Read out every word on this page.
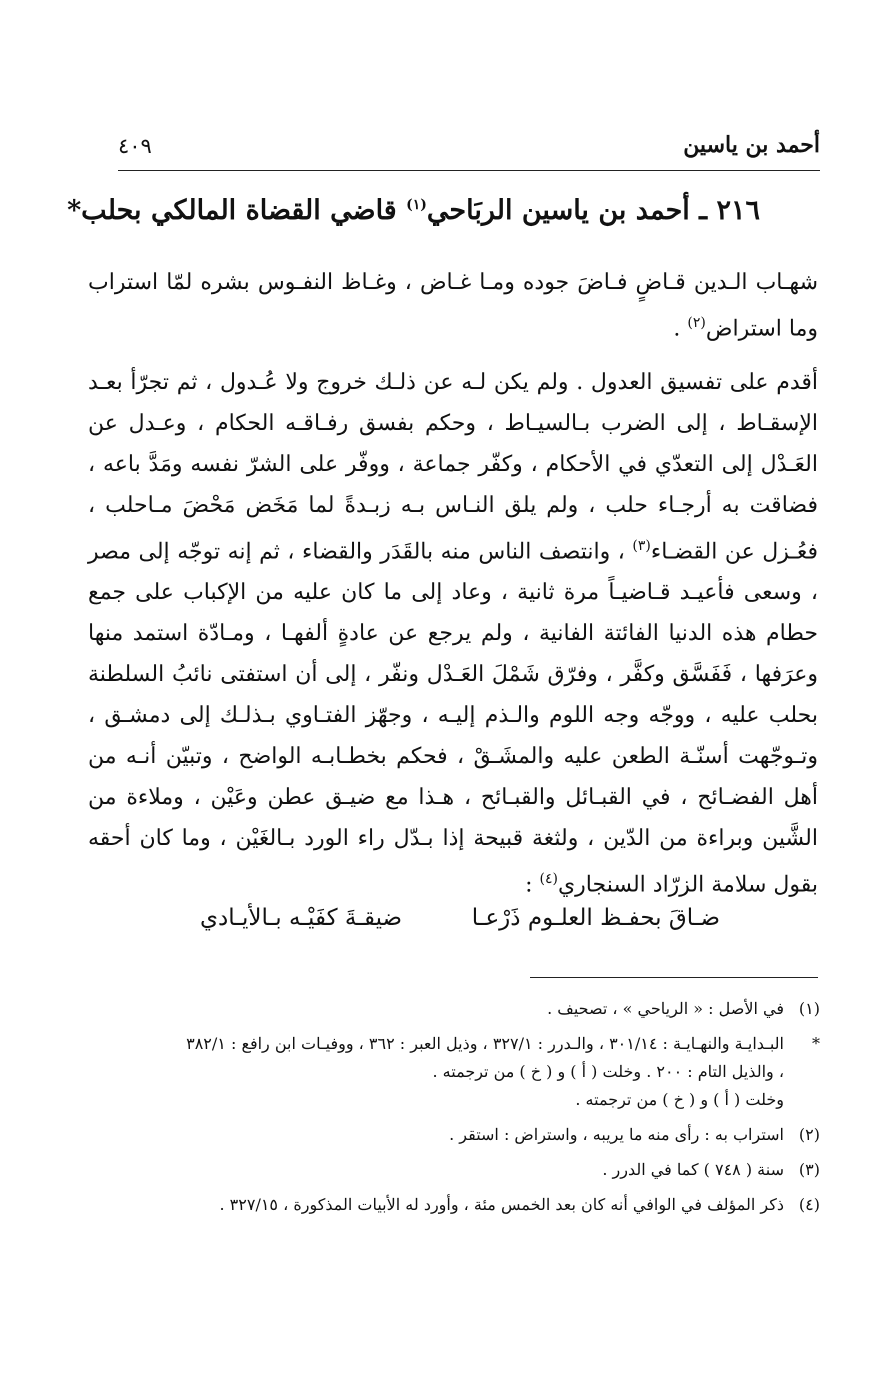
أحمد بن ياسين
٤٠٩
٢١٦ ـ أحمد بن ياسين الربَاحي$^{(١)}$ قاضي القضاة المالكي بحلب*
شهـاب الـدين قـاضٍ فـاضَ جوده ومـا غـاض ، وغـاظ النفـوس بشره لمّا استراب وما استراض$^{(٢)}$ .
أقدم على تفسيق العدول . ولم يكن لـه عن ذلـك خروج ولا عُـدول ، ثم تجرّأ بعـد الإسقـاط ، إلى الضرب بـالسيـاط ، وحكم بفسق رفـاقـه الحكام ، وعـدل عن العَـدْل إلى التعدّي في الأحكام ، وكفّر جماعة ، ووفّر على الشرّ نفسه ومَدَّ باعه ، فضاقت به أرجـاء حلب ، ولم يلق النـاس بـه زبـدةً لما مَخَض مَحْضَ مـاحلب ، فعُـزل عن القضـاء$^{(٣)}$ ، وانتصف الناس منه بالقَدَر والقضاء ، ثم إنه توجّه إلى مصر ، وسعى فأعيـد قـاضيـاً مرة ثانية ، وعاد إلى ما كان عليه من الإكباب على جمع حطام هذه الدنيا الفائتة الفانية ، ولم يرجع عن عادةٍ ألفهـا ، ومـادّة استمد منها وعرَفها ، فَفَسَّق وكفَّر ، وفرّق شَمْلَ العَـدْل ونفّر ، إلى أن استفتى نائبُ السلطنة بحلب عليه ، ووجّه وجه اللوم والـذم إليـه ، وجهّز الفتـاوي بـذلـك إلى دمشـق ، وتـوجّهت أسنّـة الطعن عليه والمشَـقْ ، فحكم بخطـابـه الواضح ، وتبيّن أنـه من أهل الفضـائح ، في القبـائل والقبـائح ، هـذا مع ضيـق عطن وعَيْن ، وملاءة من الشَّين وبراءة من الدّين ، ولثغة قبيحة إذا بـدّل راء الورد بـالغَيْن ، وما كان أحقه بقول سلامة الزرّاد السنجاري$^{(٤)}$ :
ضـاقَ بحفـظ العلـوم ذَرْعـا
ضيقـةَ كفَيْـه بـالأيـادي
(١)
في الأصل : « الرياحي » ، تصحيف .
*
البـدايـة والنهـايـة : ٣٠١/١٤ ، والـدرر : ٣٢٧/١ ، وذيل العبر : ٣٦٢ ، ووفيـات ابن رافع : ٣٨٢/١ ، والذيل التام : ٢٠٠ . وخلت ( أ ) و ( خ ) من ترجمته .
وخلت ( أ ) و ( خ ) من ترجمته .
(٢)
استراب به : رأى منه ما يريبه ، واستراض : استقر .
(٣)
سنة ( ٧٤٨ ) كما في الدرر .
(٤)
ذكر المؤلف في الوافي أنه كان بعد الخمس مئة ، وأورد له الأبيات المذكورة ، ٣٢٧/١٥ .
